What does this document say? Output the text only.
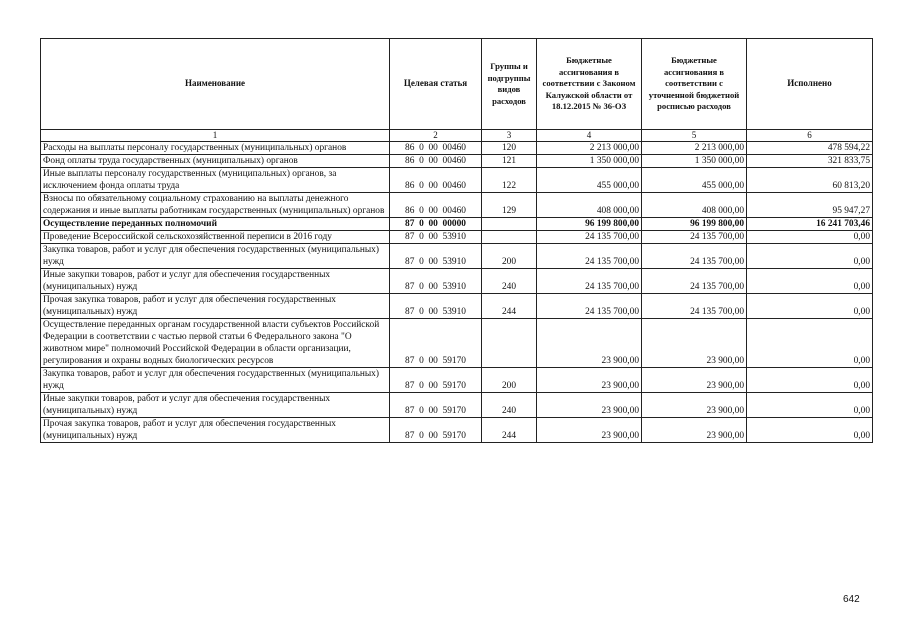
Наименование	Целевая статья	Группы и подгруппы видов расходов	Бюджетные ассигнования в соответствии с Законом Калужской области от 18.12.2015 № 36-ОЗ	Бюджетные ассигнования в соответствии с уточненной бюджетной росписью расходов	Исполнено
1	2	3	4	5	6
Расходы на выплаты персоналу государственных (муниципальных) органов	86  0  00  00460	120	2 213 000,00	2 213 000,00	478 594,22
Фонд оплаты труда государственных (муниципальных) органов	86  0  00  00460	121	1 350 000,00	1 350 000,00	321 833,75
Иные выплаты персоналу государственных (муниципальных) органов, за исключением фонда оплаты труда	86  0  00  00460	122	455 000,00	455 000,00	60 813,20
Взносы по обязательному социальному страхованию на выплаты денежного содержания и иные выплаты работникам государственных (муниципальных) органов	86  0  00  00460	129	408 000,00	408 000,00	95 947,27
Осуществление переданных полномочий	87  0  00  00000		96 199 800,00	96 199 800,00	16 241 703,46
Проведение Всероссийской сельскохозяйственной переписи в 2016 году	87  0  00  53910		24 135 700,00	24 135 700,00	0,00
Закупка товаров, работ и услуг для обеспечения государственных (муниципальных) нужд	87  0  00  53910	200	24 135 700,00	24 135 700,00	0,00
Иные закупки товаров, работ и услуг для обеспечения государственных (муниципальных) нужд	87  0  00  53910	240	24 135 700,00	24 135 700,00	0,00
Прочая закупка товаров, работ и услуг для обеспечения государственных (муниципальных) нужд	87  0  00  53910	244	24 135 700,00	24 135 700,00	0,00
Осуществление переданных органам государственной власти субъектов Российской Федерации в соответствии с частью первой статьи 6 Федерального закона "О животном мире" полномочий Российской Федерации в области организации, регулирования и охраны водных биологических ресурсов	87  0  00  59170		23 900,00	23 900,00	0,00
Закупка товаров, работ и услуг для обеспечения государственных (муниципальных) нужд	87  0  00  59170	200	23 900,00	23 900,00	0,00
Иные закупки товаров, работ и услуг для обеспечения государственных (муниципальных) нужд	87  0  00  59170	240	23 900,00	23 900,00	0,00
Прочая закупка товаров, работ и услуг для обеспечения государственных (муниципальных) нужд	87  0  00  59170	244	23 900,00	23 900,00	0,00
642
